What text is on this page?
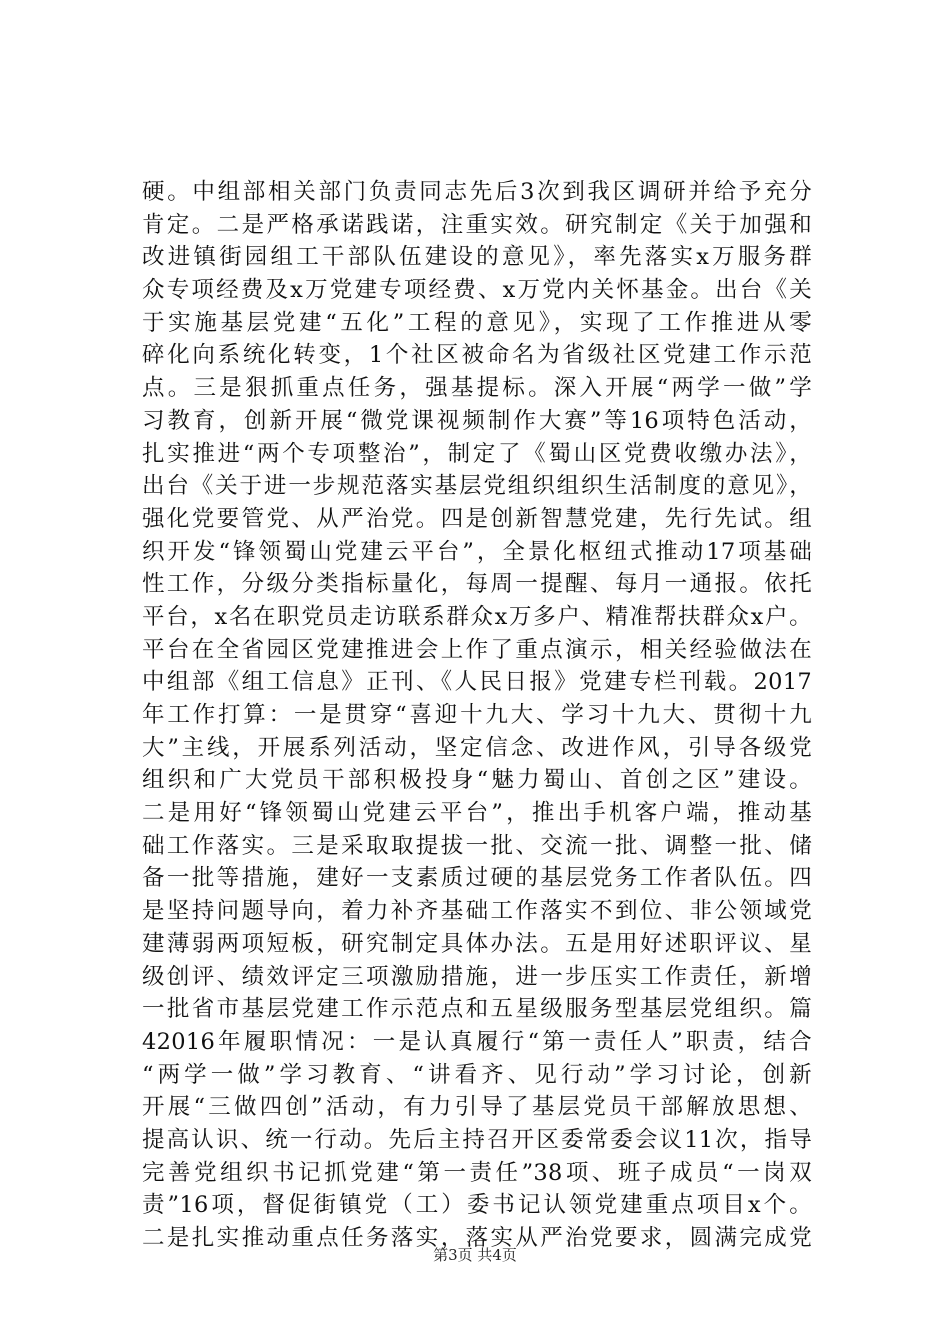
硬。中组部相关部门负责同志先后3次到我区调研并给予充分
肯定。二是严格承诺践诺，注重实效。研究制定《关于加强和
改进镇街园组工干部队伍建设的意见》，率先落实x万服务群
众专项经费及x万党建专项经费、x万党内关怀基金。出台《关
于实施基层党建“五化”工程的意见》，实现了工作推进从零
碎化向系统化转变，1个社区被命名为省级社区党建工作示范
点。三是狠抓重点任务，强基提标。深入开展“两学一做”学
习教育，创新开展“微党课视频制作大赛”等16项特色活动，
扎实推进“两个专项整治”，制定了《蜀山区党费收缴办法》，
出台《关于进一步规范落实基层党组织组织生活制度的意见》，
强化党要管党、从严治党。四是创新智慧党建，先行先试。组
织开发“锋领蜀山党建云平台”，全景化枢纽式推动17项基础
性工作，分级分类指标量化，每周一提醒、每月一通报。依托
平台，x名在职党员走访联系群众x万多户、精准帮扶群众x户。
平台在全省园区党建推进会上作了重点演示，相关经验做法在
中组部《组工信息》正刊、《人民日报》党建专栏刊载。2017
年工作打算：一是贯穿“喜迎十九大、学习十九大、贯彻十九
大”主线，开展系列活动，坚定信念、改进作风，引导各级党
组织和广大党员干部积极投身“魅力蜀山、首创之区”建设。
二是用好“锋领蜀山党建云平台”，推出手机客户端，推动基
础工作落实。三是采取取提拔一批、交流一批、调整一批、储
备一批等措施，建好一支素质过硬的基层党务工作者队伍。四
是坚持问题导向，着力补齐基础工作落实不到位、非公领域党
建薄弱两项短板，研究制定具体办法。五是用好述职评议、星
级创评、绩效评定三项激励措施，进一步压实工作责任，新增
一批省市基层党建工作示范点和五星级服务型基层党组织。篇
42016年履职情况：一是认真履行“第一责任人”职责，结合
“两学一做”学习教育、“讲看齐、见行动”学习讨论，创新
开展“三做四创”活动，有力引导了基层党员干部解放思想、
提高认识、统一行动。先后主持召开区委常委会议11次，指导
完善党组织书记抓党建“第一责任”38项、班子成员“一岗双
责”16项，督促街镇党（工）委书记认领党建重点项目x个。
二是扎实推动重点任务落实，落实从严治党要求，圆满完成党
第3页 共4页
